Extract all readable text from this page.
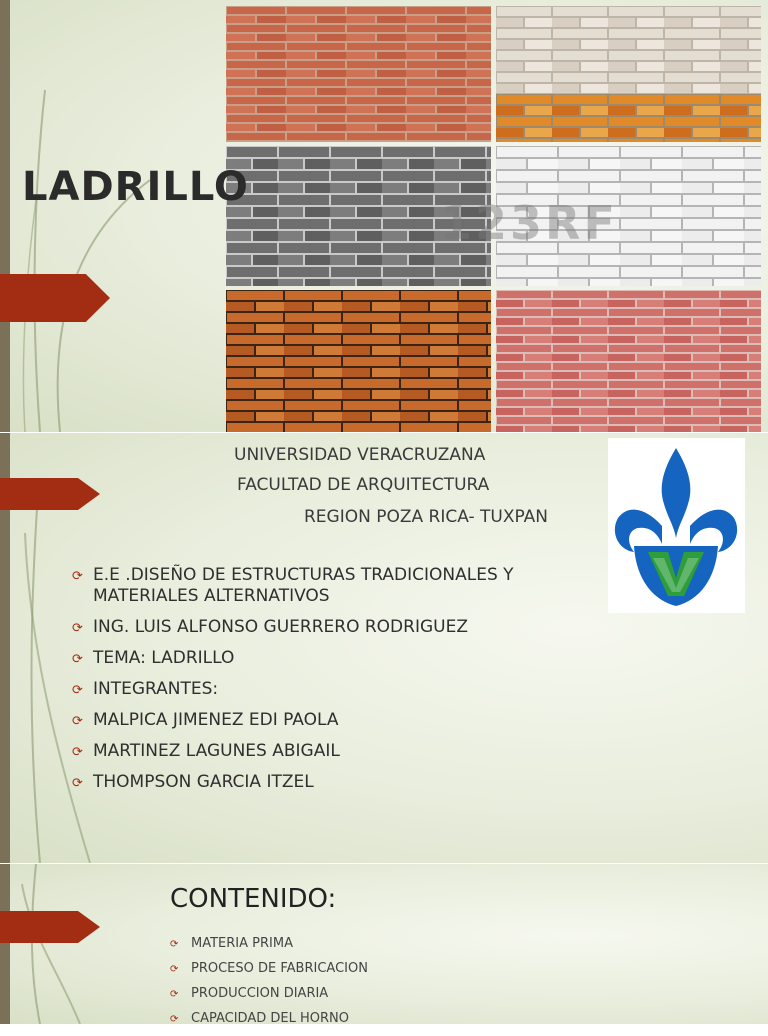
LADRILLO
123RF
UNIVERSIDAD VERACRUZANA
FACULTAD DE ARQUITECTURA
REGION POZA RICA- TUXPAN
⟳ E.E .DISEÑO DE ESTRUCTURAS TRADICIONALES Y MATERIALES ALTERNATIVOS
⟳ ING. LUIS ALFONSO GUERRERO RODRIGUEZ
⟳ TEMA: LADRILLO
⟳ INTEGRANTES:
⟳ MALPICA JIMENEZ EDI PAOLA
⟳ MARTINEZ LAGUNES ABIGAIL
⟳ THOMPSON GARCIA ITZEL
CONTENIDO:
⟳ MATERIA PRIMA
⟳ PROCESO DE FABRICACION
⟳ PRODUCCION DIARIA
⟳ CAPACIDAD DEL HORNO
